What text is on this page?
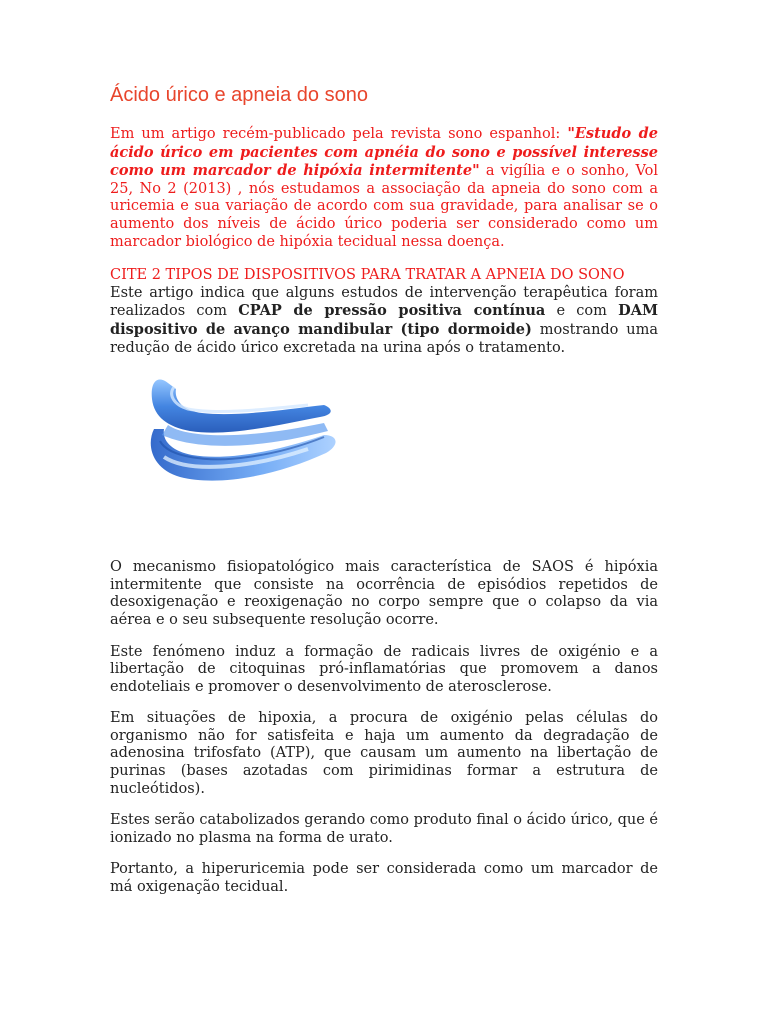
Ácido úrico e apneia do sono

Em um artigo recém-publicado pela revista sono espanhol: "Estudo de ácido úrico em pacientes com apnéia do sono e possível interesse como um marcador de hipóxia intermitente" a vigília e o sonho, Vol 25, No 2 (2013) , nós estudamos a associação da apneia do sono com a uricemia e sua variação de acordo com sua gravidade, para analisar se o aumento dos níveis de ácido úrico poderia ser considerado como um marcador biológico de hipóxia tecidual nessa doença.

CITE 2 TIPOS DE DISPOSITIVOS PARA TRATAR A APNEIA DO SONO

Este artigo indica que alguns estudos de intervenção terapêutica foram realizados com CPAP de pressão positiva contínua e com DAM dispositivo de avanço mandibular (tipo dormoide) mostrando uma redução de ácido úrico excretada na urina após o tratamento.

O mecanismo fisiopatológico mais característica de SAOS é hipóxia intermitente que consiste na ocorrência de episódios repetidos de desoxigenação e reoxigenação no corpo sempre que o colapso da via aérea e o seu subsequente resolução ocorre.

Este fenómeno induz a formação de radicais livres de oxigénio e a libertação de citoquinas pró-inflamatórias que promovem a danos endoteliais e promover o desenvolvimento de aterosclerose.

Em situações de hipoxia, a procura de oxigénio pelas células do organismo não for satisfeita e haja um aumento da degradação de adenosina trifosfato (ATP), que causam um aumento na libertação de purinas (bases azotadas com pirimidinas formar a estrutura de nucleótidos).

Estes serão catabolizados gerando como produto final o ácido úrico, que é ionizado no plasma na forma de urato.

Portanto, a hiperuricemia pode ser considerada como um marcador de má oxigenação tecidual.
